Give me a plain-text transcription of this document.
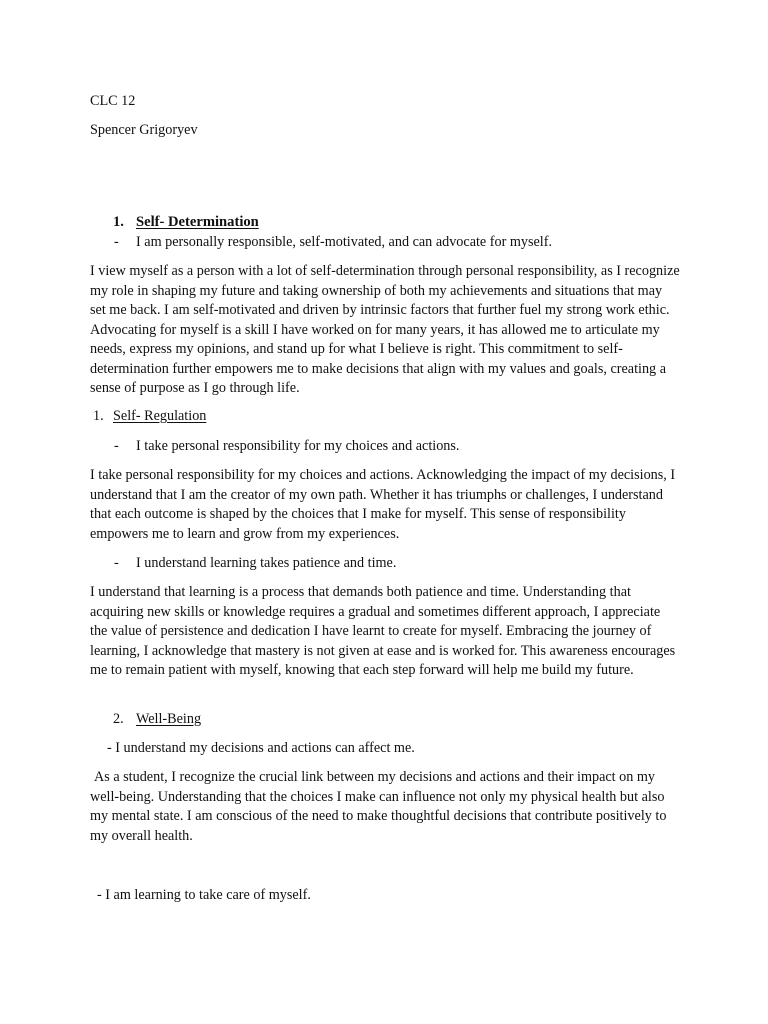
CLC 12

Spencer Grigoryev

1. Self- Determination
- I am personally responsible, self-motivated, and can advocate for myself.

I view myself as a person with a lot of self-determination through personal responsibility, as I recognize my role in shaping my future and taking ownership of both my achievements and situations that may set me back. I am self-motivated and driven by intrinsic factors that further fuel my strong work ethic. Advocating for myself is a skill I have worked on for many years, it has allowed me to articulate my needs, express my opinions, and stand up for what I believe is right. This commitment to self-determination further empowers me to make decisions that align with my values and goals, creating a sense of purpose as I go through life.

1. Self- Regulation
- I take personal responsibility for my choices and actions.

I take personal responsibility for my choices and actions. Acknowledging the impact of my decisions, I understand that I am the creator of my own path. Whether it has triumphs or challenges, I understand that each outcome is shaped by the choices that I make for myself. This sense of responsibility empowers me to learn and grow from my experiences.

- I understand learning takes patience and time.

I understand that learning is a process that demands both patience and time. Understanding that acquiring new skills or knowledge requires a gradual and sometimes different approach, I appreciate the value of persistence and dedication I have learnt to create for myself. Embracing the journey of learning, I acknowledge that mastery is not given at ease and is worked for. This awareness encourages me to remain patient with myself, knowing that each step forward will help me build my future.

2. Well-Being
- I understand my decisions and actions can affect me.

As a student, I recognize the crucial link between my decisions and actions and their impact on my well-being. Understanding that the choices I make can influence not only my physical health but also my mental state. I am conscious of the need to make thoughtful decisions that contribute positively to my overall health.

- I am learning to take care of myself.
